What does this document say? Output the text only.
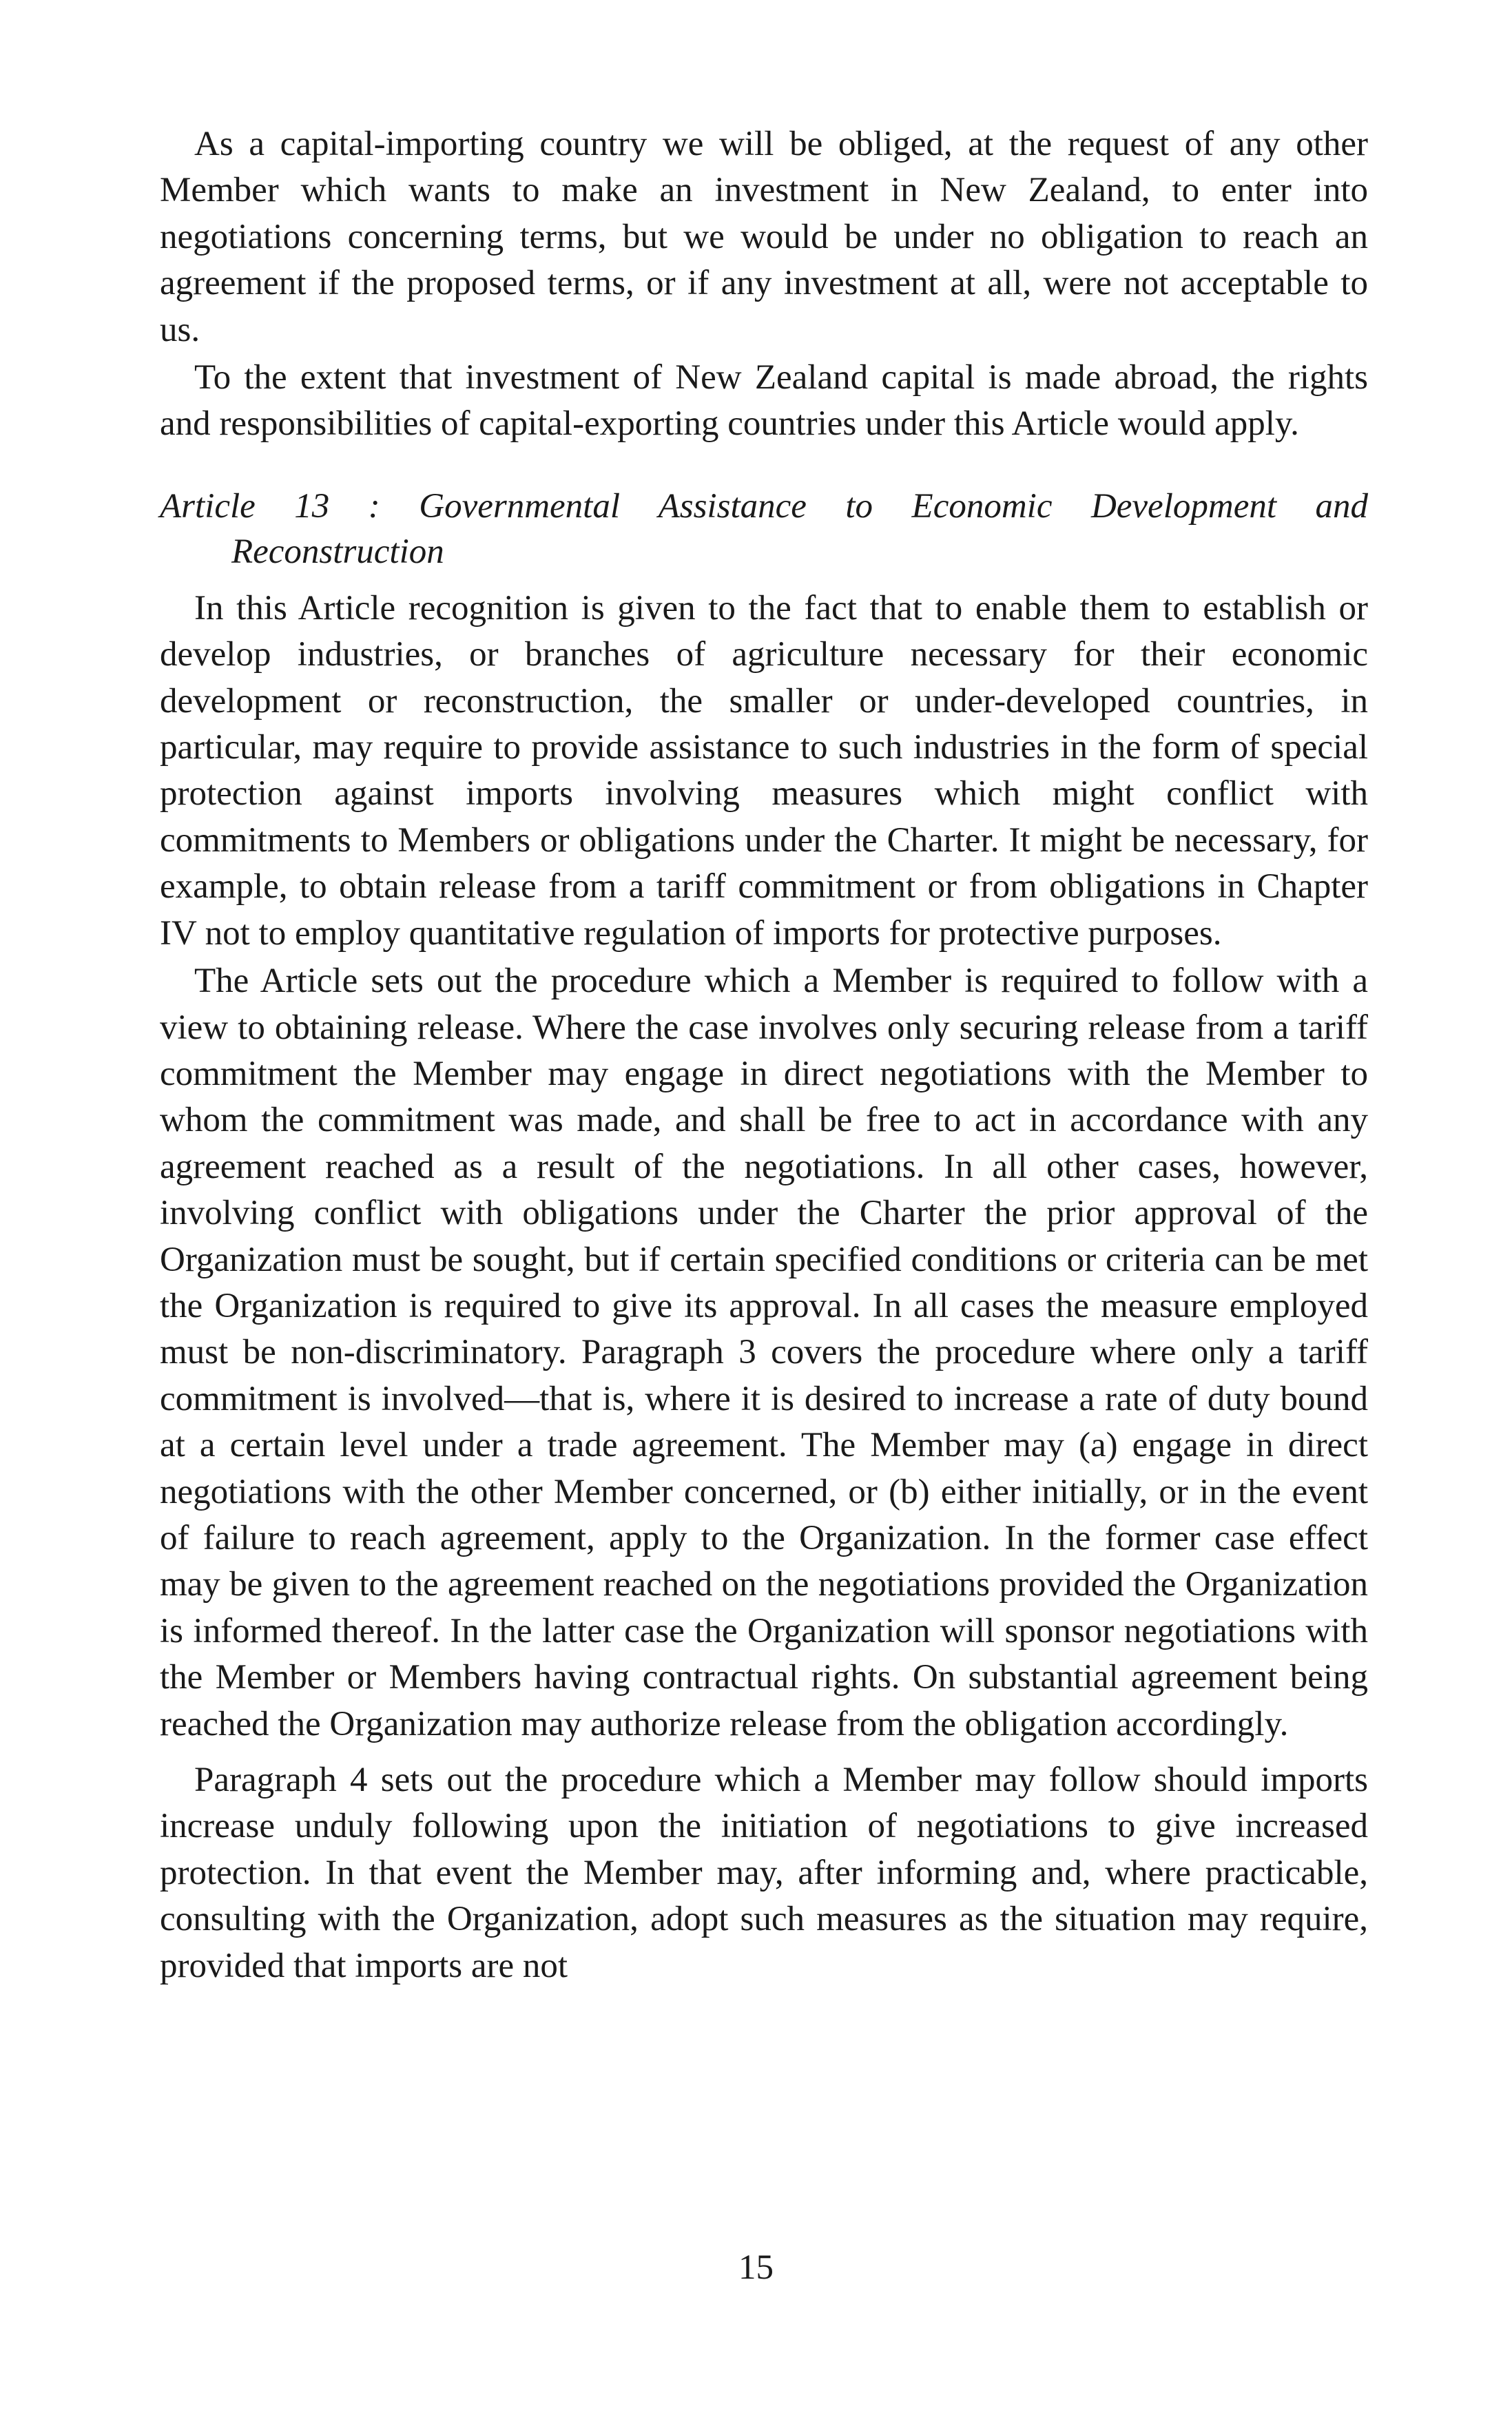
As a capital-importing country we will be obliged, at the request of any other Member which wants to make an investment in New Zealand, to enter into negotiations concerning terms, but we would be under no obligation to reach an agreement if the proposed terms, or if any investment at all, were not acceptable to us.

To the extent that investment of New Zealand capital is made abroad, the rights and responsibilities of capital-exporting countries under this Article would apply.

Article 13 : Governmental Assistance to Economic Development and
Reconstruction

In this Article recognition is given to the fact that to enable them to establish or develop industries, or branches of agriculture necessary for their economic development or reconstruction, the smaller or under-developed countries, in particular, may require to provide assistance to such industries in the form of special protection against imports involving measures which might conflict with commitments to Members or obligations under the Charter. It might be necessary, for example, to obtain release from a tariff commitment or from obligations in Chapter IV not to employ quantitative regulation of imports for protective purposes.

The Article sets out the procedure which a Member is required to follow with a view to obtaining release. Where the case involves only securing release from a tariff commitment the Member may engage in direct negotiations with the Member to whom the commitment was made, and shall be free to act in accordance with any agreement reached as a result of the negotiations. In all other cases, however, involving conflict with obligations under the Charter the prior approval of the Organization must be sought, but if certain specified conditions or criteria can be met the Organization is required to give its approval. In all cases the measure employed must be non-discriminatory. Paragraph 3 covers the procedure where only a tariff commitment is involved—that is, where it is desired to increase a rate of duty bound at a certain level under a trade agreement. The Member may (a) engage in direct negotiations with the other Member concerned, or (b) either initially, or in the event of failure to reach agreement, apply to the Organization. In the former case effect may be given to the agreement reached on the negotiations provided the Organization is informed thereof. In the latter case the Organization will sponsor negotiations with the Member or Members having contractual rights. On substantial agreement being reached the Organization may authorize release from the obligation accordingly.

Paragraph 4 sets out the procedure which a Member may follow should imports increase unduly following upon the initiation of negotiations to give increased protection. In that event the Member may, after informing and, where practicable, consulting with the Organization, adopt such measures as the situation may require, provided that imports are not

15
